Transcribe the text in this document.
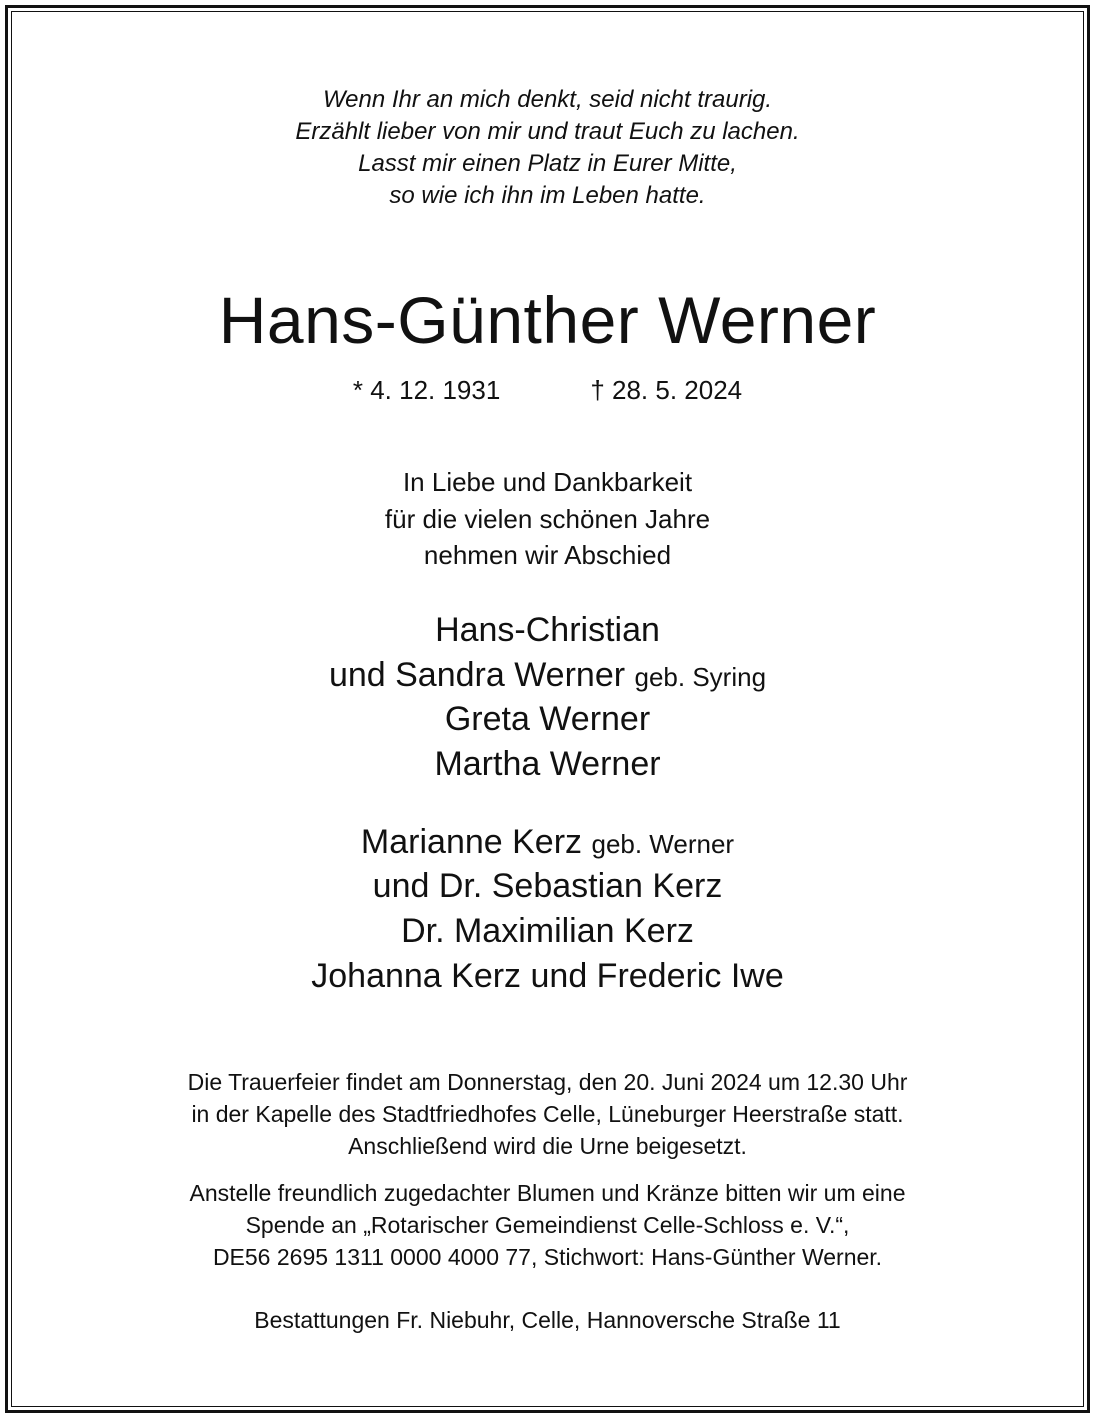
Wenn Ihr an mich denkt, seid nicht traurig.
Erzählt lieber von mir und traut Euch zu lachen.
Lasst mir einen Platz in Eurer Mitte,
so wie ich ihn im Leben hatte.
Hans-Günther Werner
* 4. 12. 1931	† 28. 5. 2024
In Liebe und Dankbarkeit
für die vielen schönen Jahre
nehmen wir Abschied
Hans-Christian
und Sandra Werner geb. Syring
Greta Werner
Martha Werner
Marianne Kerz geb. Werner
und Dr. Sebastian Kerz
Dr. Maximilian Kerz
Johanna Kerz und Frederic Iwe
Die Trauerfeier findet am Donnerstag, den 20. Juni 2024 um 12.30 Uhr
in der Kapelle des Stadtfriedhofes Celle, Lüneburger Heerstraße statt.
Anschließend wird die Urne beigesetzt.
Anstelle freundlich zugedachter Blumen und Kränze bitten wir um eine
Spende an „Rotarischer Gemeindienst Celle-Schloss e. V.“,
DE56 2695 1311 0000 4000 77, Stichwort: Hans-Günther Werner.
Bestattungen Fr. Niebuhr, Celle, Hannoversche Straße 11
